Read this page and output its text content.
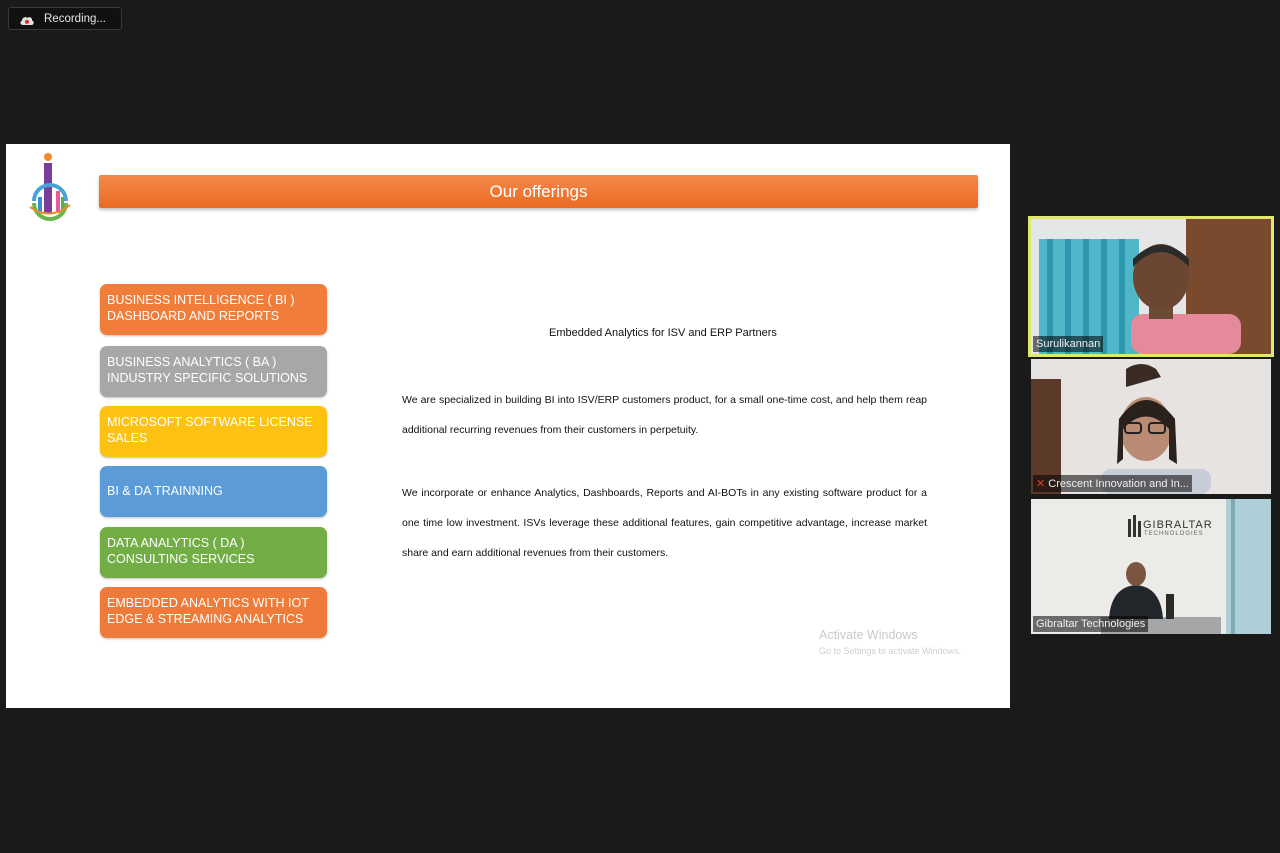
Recording...
Our offerings
BUSINESS INTELLIGENCE ( BI )
DASHBOARD AND REPORTS
BUSINESS ANALYTICS ( BA )
INDUSTRY SPECIFIC SOLUTIONS
MICROSOFT SOFTWARE LICENSE
SALES
BI & DA TRAINNING
DATA ANALYTICS ( DA )
CONSULTING SERVICES
EMBEDDED ANALYTICS WITH IOT
EDGE & STREAMING ANALYTICS
Embedded Analytics for ISV and ERP Partners
We are specialized in building BI into ISV/ERP customers product, for a small one-time cost, and help them reap additional recurring revenues from their customers in perpetuity.
We incorporate or enhance Analytics, Dashboards, Reports and AI-BOTs in any existing software product for a one time low investment. ISVs leverage these additional features, gain competitive advantage, increase market share and earn additional revenues from their customers.
Activate Windows
Go to Settings to activate Windows.
Surulikannan
✕ Crescent Innovation and In...
GIBRALTAR
TECHNOLOGIES
Gibraltar Technologies
